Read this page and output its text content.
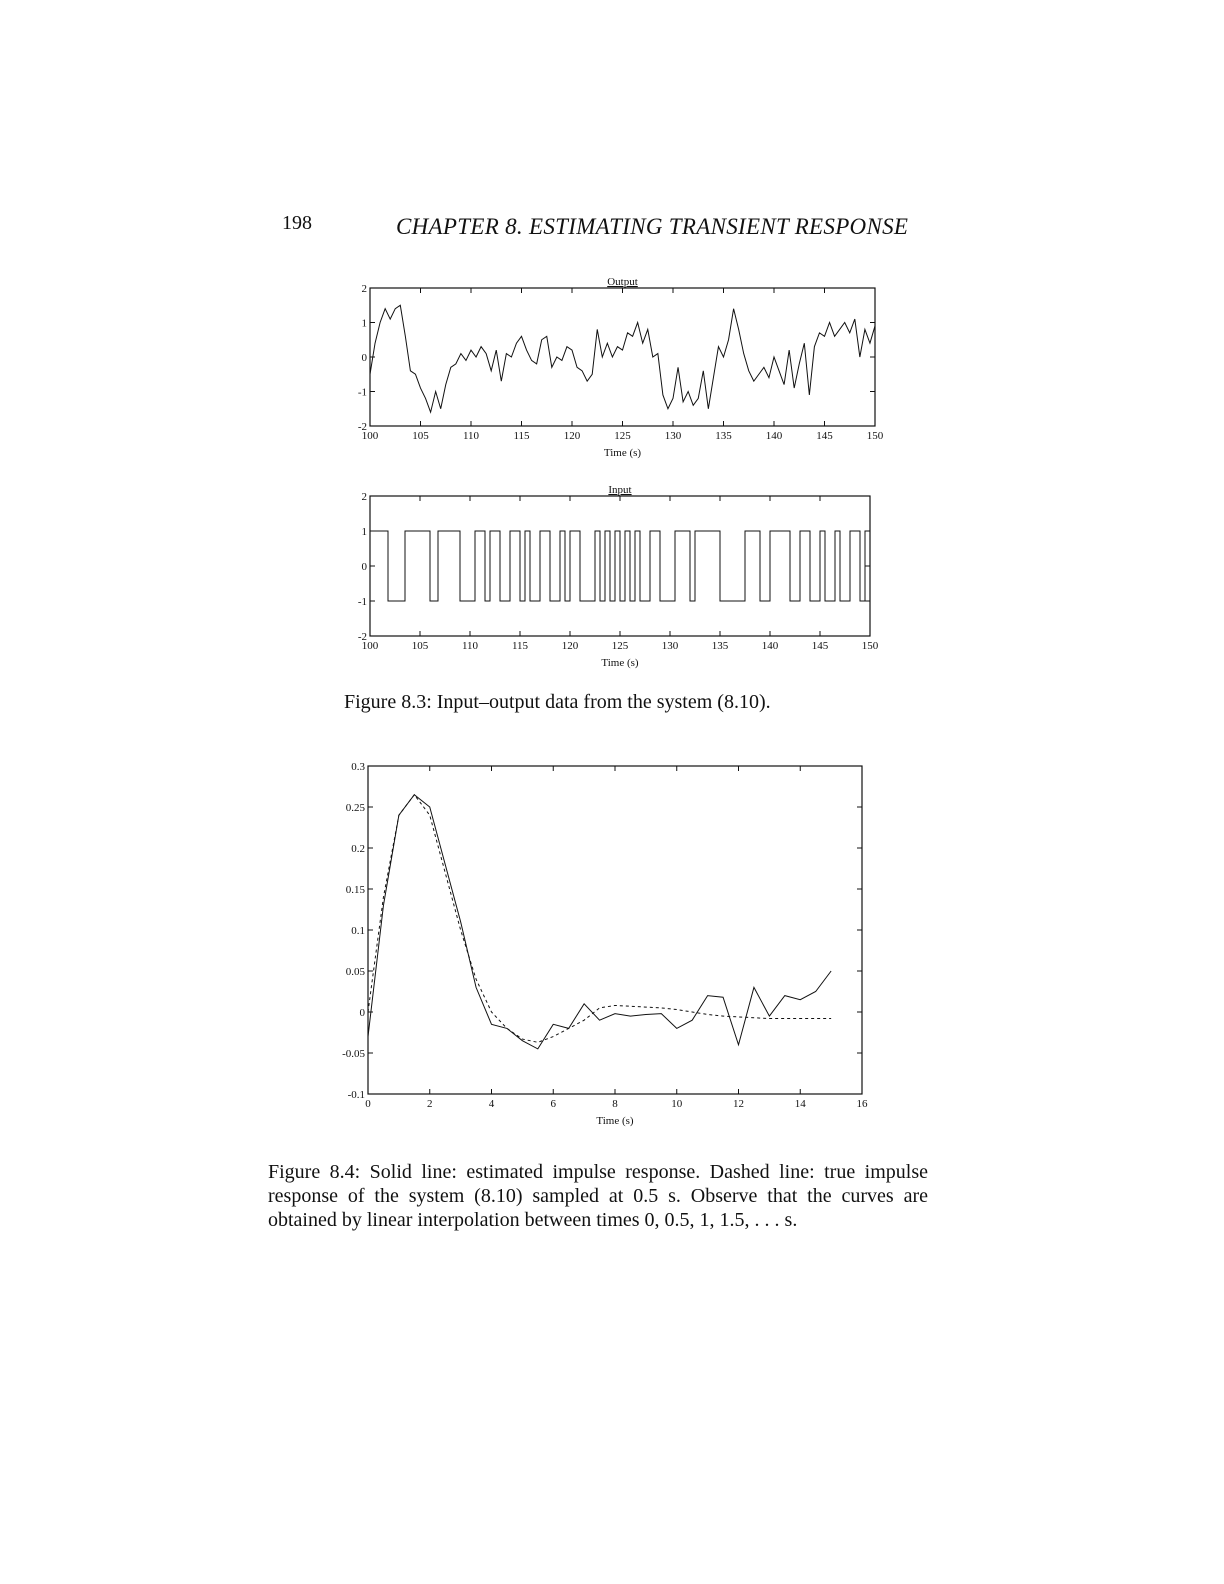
198	CHAPTER 8. ESTIMATING TRANSIENT RESPONSE
Output
100	105	110	115	120	125	130	135	140	145	150
2
1
0
-1
-2
Time (s)
Input
100	105	110	115	120	125	130	135	140	145	150
2
1
0
-1
-2
Time (s)
Figure 8.3: Input–output data from the system (8.10).
0	2	4	6	8	10	12	14	16
0.3
0.25
0.2
0.15
0.1
0.05
0
-0.05
-0.1
Time (s)
Figure 8.4: Solid line: estimated impulse response. Dashed line: true impulse response of the system (8.10) sampled at 0.5 s. Observe that the curves are obtained by linear interpolation between times 0, 0.5, 1, 1.5, . . . s.
